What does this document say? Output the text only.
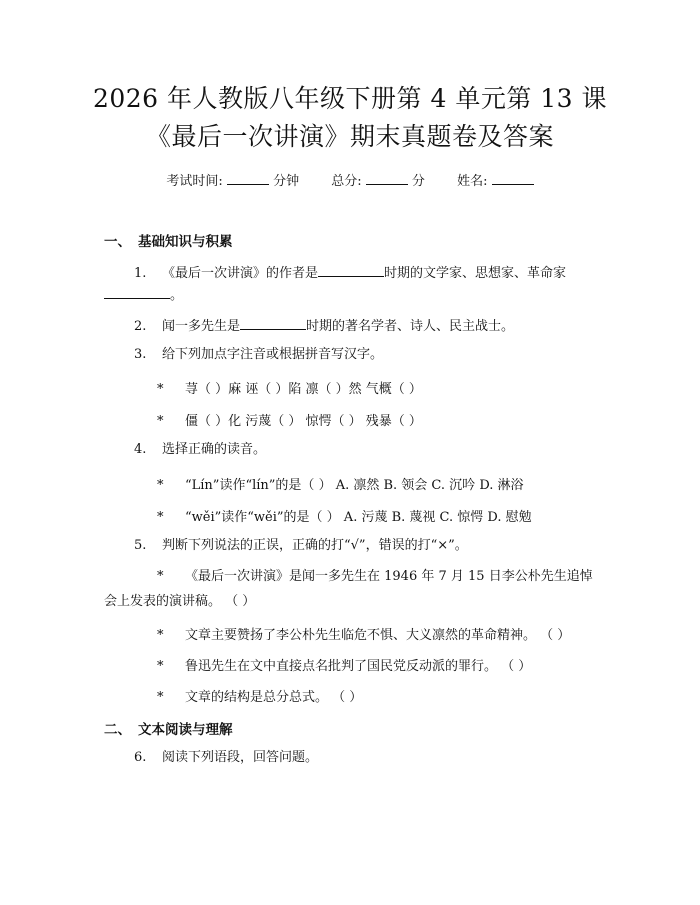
2026 年人教版八年级下册第 4 单元第 13 课
《最后一次讲演》期末真题卷及答案
考试时间:	分钟 总分:	分 姓名:
一、 基础知识与积累
1. 《最后一次讲演》的作者是	时期的文学家、思想家、革命家
。
2. 闻一多先生是	时期的著名学者、诗人、民主战士。
3. 给下列加点字注音或根据拼音写汉字。
* 荨（ ）麻 诬（ ）陷 凛（ ）然 气概（ ）
* 僵（ ）化 污蔑（ ） 惊愕（ ） 残暴（ ）
4. 选择正确的读音。
* “Lín”读作“lín”的是（ ） A. 凛然 B. 领会 C. 沉吟 D. 淋浴
* “wěi”读作“wěi”的是（ ） A. 污蔑 B. 蔑视 C. 惊愕 D. 慰勉
5. 判断下列说法的正误，正确的打“√”，错误的打“×”。
* 《最后一次讲演》是闻一多先生在 1946 年 7 月 15 日李公朴先生追悼会上发表的演讲稿。 （ ）
* 文章主要赞扬了李公朴先生临危不惧、大义凛然的革命精神。 （ ）
* 鲁迅先生在文中直接点名批判了国民党反动派的罪行。 （ ）
* 文章的结构是总分总式。 （ ）
二、 文本阅读与理解
6. 阅读下列语段，回答问题。
